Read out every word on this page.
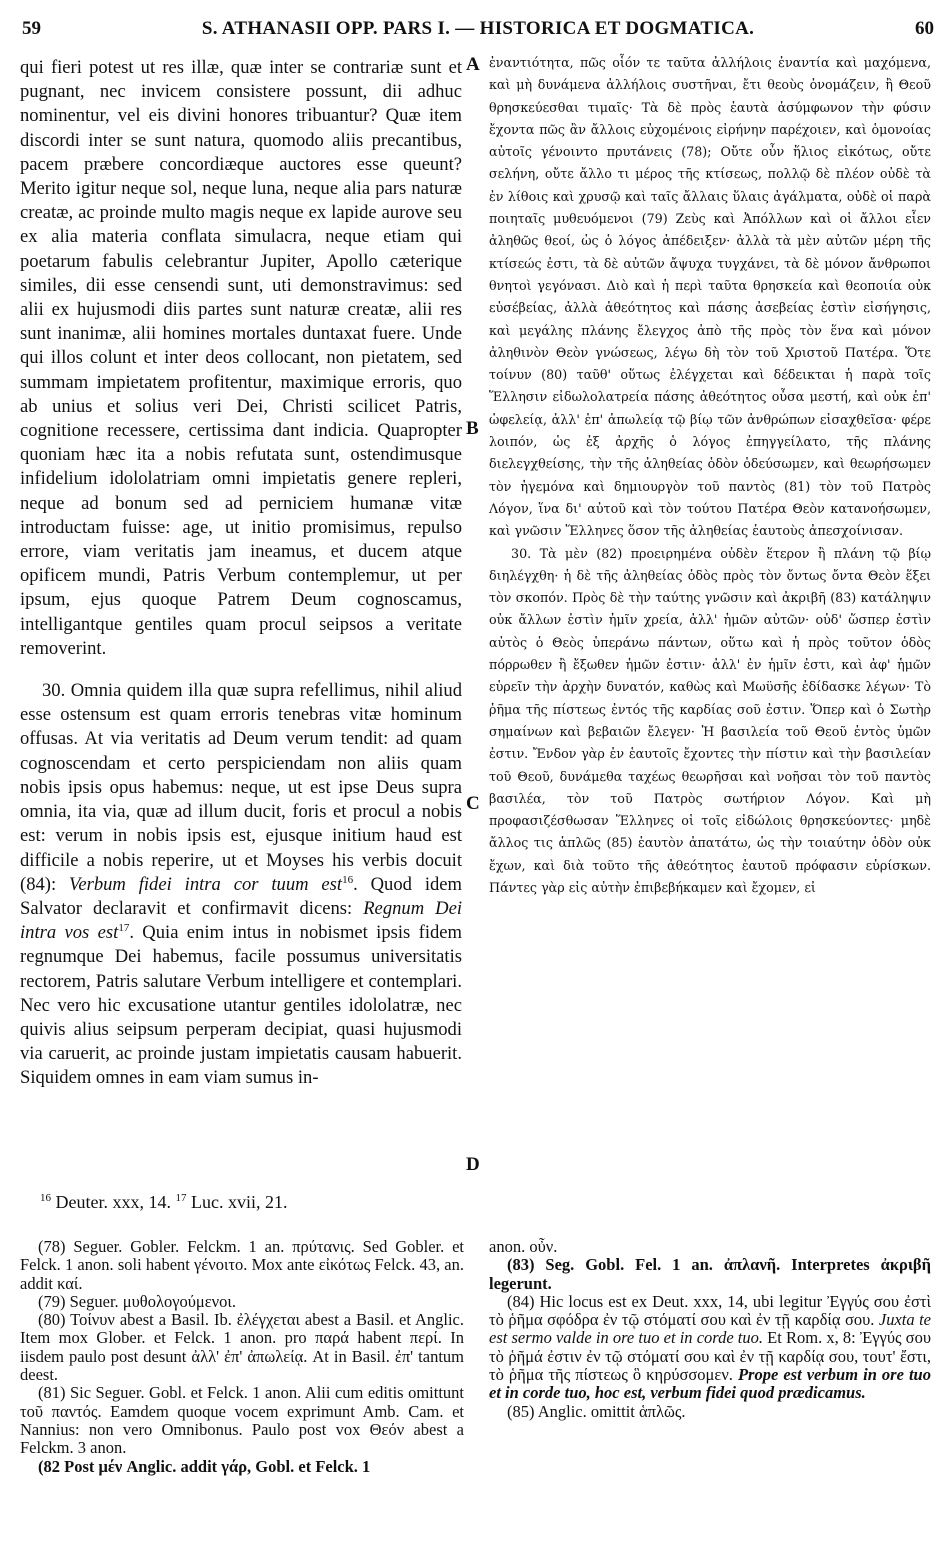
59	S. ATHANASII OPP. PARS I. — HISTORICA ET DOGMATICA.	60

qui fieri potest ut res illæ, quæ inter se contrariæ sunt et pugnant, nec invicem consistere possunt, dii adhuc nominentur, vel eis divini honores tribuantur? Quæ item discordi inter se sunt natura, quomodo aliis precantibus, pacem præbere concordiæque auctores esse queunt? Merito igitur neque sol, neque luna, neque alia pars naturæ creatæ, ac proinde multo magis neque ex lapide aurove seu ex alia materia conflata simulacra, neque etiam qui poetarum fabulis celebrantur Jupiter, Apollo cæterique similes, dii esse censendi sunt, uti demonstravimus: sed alii ex hujusmodi diis partes sunt naturæ creatæ, alii res sunt inanimæ, alii homines mortales duntaxat fuere. Unde qui illos colunt et inter deos collocant, non pietatem, sed summam impietatem profitentur, maximique erroris, quo ab unius et solius veri Dei, Christi scilicet Patris, cognitione recessere, certissima dant indicia. Quapropter quoniam hæc ita a nobis refutata sunt, ostendimusque infidelium idololatriam omni impietatis genere repleri, neque ad bonum sed ad perniciem humanæ vitæ introductam fuisse: age, ut initio promisimus, repulso errore, viam veritatis jam ineamus, et ducem atque opificem mundi, Patris Verbum contemplemur, ut per ipsum, ejus quoque Patrem Deum cognoscamus, intelligantque gentiles quam procul seipsos a veritate removerint.

30. Omnia quidem illa quæ supra refellimus, nihil aliud esse ostensum est quam erroris tenebras vitæ hominum offusas. At via veritatis ad Deum verum tendit: ad quam cognoscendam et certo perspiciendam non aliis quam nobis ipsis opus habemus: neque, ut est ipse Deus supra omnia, ita via, quæ ad illum ducit, foris et procul a nobis est: verum in nobis ipsis est, ejusque initium haud est difficile a nobis reperire, ut et Moyses his verbis docuit (84): Verbum fidei intra cor tuum est$^{16}$. Quod idem Salvator declaravit et confirmavit dicens: Regnum Dei intra vos est$^{17}$. Quia enim intus in nobismet ipsis fidem regnumque Dei habemus, facile possumus universitatis rectorem, Patris salutare Verbum intelligere et contemplari. Nec vero hic excusatione utantur gentiles idololatræ, nec quivis alius seipsum perperam decipiat, quasi hujusmodi via caruerit, ac proinde justam impietatis causam habuerit. Siquidem omnes in eam viam sumus in-

A
B
C
D

ἐναντιότητα, πῶς οἷόν τε ταῦτα ἀλλήλοις ἐναντία καὶ μαχόμενα, καὶ μὴ δυνάμενα ἀλλήλοις συστῆναι, ἔτι θεοὺς ὀνομάζειν, ἢ Θεοῦ θρησκεύεσθαι τιμαῖς· Τὰ δὲ πρὸς ἑαυτὰ ἀσύμφωνον τὴν φύσιν ἔχοντα πῶς ἂν ἄλλοις εὐχομένοις εἰρήνην παρέχοιεν, καὶ ὁμονοίας αὐτοῖς γένοιντο πρυτάνεις (78); Οὔτε οὖν ἥλιος εἰκότως, οὔτε σελήνη, οὔτε ἄλλο τι μέρος τῆς κτίσεως, πολλῷ δὲ πλέον οὐδὲ τὰ ἐν λίθοις καὶ χρυσῷ καὶ ταῖς ἄλλαις ὕλαις ἀγάλματα, οὐδὲ οἱ παρὰ ποιηταῖς μυθευόμενοι (79) Ζεὺς καὶ Ἀπόλλων καὶ οἱ ἄλλοι εἶεν ἀληθῶς θεοί, ὡς ὁ λόγος ἀπέδειξεν· ἀλλὰ τὰ μὲν αὐτῶν μέρη τῆς κτίσεώς ἐστι, τὰ δὲ αὐτῶν ἄψυχα τυγχάνει, τὰ δὲ μόνον ἄνθρωποι θνητοὶ γεγόνασι. Διὸ καὶ ἡ περὶ ταῦτα θρησκεία καὶ θεοποιία οὐκ εὐσέβείας, ἀλλὰ ἀθεότητος καὶ πάσης ἀσεβείας ἐστὶν εἰσήγησις, καὶ μεγάλης πλάνης ἔλεγχος ἀπὸ τῆς πρὸς τὸν ἕνα καὶ μόνον ἀληθινὸν Θεὸν γνώσεως, λέγω δὴ τὸν τοῦ Χριστοῦ Πατέρα. Ὅτε τοίνυν (80) ταῦθ' οὕτως ἐλέγχεται καὶ δέδεικται ἡ παρὰ τοῖς Ἕλλησιν εἰδωλολατρεία πάσης ἀθεότητος οὖσα μεστή, καὶ οὐκ ἐπ' ὠφελείᾳ, ἀλλ' ἐπ' ἀπωλείᾳ τῷ βίῳ τῶν ἀνθρώπων εἰσαχθεῖσα· φέρε λοιπόν, ὡς ἐξ ἀρχῆς ὁ λόγος ἐπηγγείλατο, τῆς πλάνης διελεγχθείσης, τὴν τῆς ἀληθείας ὁδὸν ὁδεύσωμεν, καὶ θεωρήσωμεν τὸν ἡγεμόνα καὶ δημιουργὸν τοῦ παντὸς (81) τὸν τοῦ Πατρὸς Λόγον, ἵνα δι' αὐτοῦ καὶ τὸν τούτου Πατέρα Θεὸν κατανοήσωμεν, καὶ γνῶσιν Ἕλληνες ὅσον τῆς ἀληθείας ἑαυτοὺς ἀπεσχοίνισαν.

30. Τὰ μὲν (82) προειρημένα οὐδὲν ἕτερον ἢ πλάνη τῷ βίῳ διηλέγχθη· ἡ δὲ τῆς ἀληθείας ὁδὸς πρὸς τὸν ὄντως ὄντα Θεὸν ἕξει τὸν σκοπόν. Πρὸς δὲ τὴν ταύτης γνῶσιν καὶ ἀκριβῆ (83) κατάληψιν οὐκ ἄλλων ἐστὶν ἡμῖν χρεία, ἀλλ' ἡμῶν αὐτῶν· οὐδ' ὥσπερ ἐστὶν αὐτὸς ὁ Θεὸς ὑπεράνω πάντων, οὕτω καὶ ἡ πρὸς τοῦτον ὁδὸς πόρρωθεν ἢ ἔξωθεν ἡμῶν ἐστιν· ἀλλ' ἐν ἡμῖν ἐστι, καὶ ἀφ' ἡμῶν εὑρεῖν τὴν ἀρχὴν δυνατόν, καθὼς καὶ Μωϋσῆς ἐδίδασκε λέγων· Τὸ ῥῆμα τῆς πίστεως ἐντός τῆς καρδίας σοῦ ἐστιν. Ὅπερ καὶ ὁ Σωτὴρ σημαίνων καὶ βεβαιῶν ἔλεγεν· Ἡ βασιλεία τοῦ Θεοῦ ἐντὸς ὑμῶν ἐστιν. Ἔνδον γὰρ ἐν ἑαυτοῖς ἔχοντες τὴν πίστιν καὶ τὴν βασιλείαν τοῦ Θεοῦ, δυνάμεθα ταχέως θεωρῆσαι καὶ νοῆσαι τὸν τοῦ παντὸς βασιλέα, τὸν τοῦ Πατρὸς σωτήριον Λόγον. Καὶ μὴ προφασιζέσθωσαν Ἕλληνες οἱ τοῖς εἰδώλοις θρησκεύοντες· μηδὲ ἄλλος τις ἁπλῶς (85) ἑαυτὸν ἀπατάτω, ὡς τὴν τοιαύτην ὁδὸν οὐκ ἔχων, καὶ διὰ τοῦτο τῆς ἀθεότητος ἑαυτοῦ πρόφασιν εὑρίσκων. Πάντες γὰρ εἰς αὐτὴν ἐπιβεβήκαμεν καὶ ἔχομεν, εἰ

$^{16}$ Deuter. xxx, 14. $^{17}$ Luc. xvii, 21.

(78) Seguer. Gobler. Felckm. 1 an. πρύτανις. Sed Gobler. et Felck. 1 anon. soli habent γένοιτο. Mox ante εἰκότως Felck. 43, an. addit καί.

(79) Seguer. μυθολογούμενοι.

(80) Τοίνυν abest a Basil. Ib. ἐλέγχεται abest a Basil. et Anglic. Item mox Glober. et Felck. 1 anon. pro παρά habent περί. In iisdem paulo post desunt ἀλλ' ἐπ' ἀπωλείᾳ. At in Basil. ἐπ' tantum deest.

(81) Sic Seguer. Gobl. et Felck. 1 anon. Alii cum editis omittunt τοῦ παντός. Eamdem quoque vocem exprimunt Amb. Cam. et Nannius: non vero Omnibonus. Paulo post voх Θεόν abest a Felckm. 3 anon.

(82 Post μέν Anglic. addit γάρ, Gobl. et Felck. 1

anon. οὖν.

(83) Seg. Gobl. Fel. 1 an. ἀπλανῆ. Interpretes ἀκριβῆ legerunt.

(84) Hic locus est ex Deut. xxx, 14, ubi legitur Ἐγγύς σου ἐστὶ τὸ ῥῆμα σφόδρα ἐν τῷ στόματί σου καὶ ἐν τῇ καρδίᾳ σου. Juxta te est sermo valde in ore tuo et in corde tuo. Et Rom. x, 8: Ἐγγύς σου τὸ ῥῆμά ἐστιν ἐν τῷ στόματί σου καὶ ἐν τῇ καρδίᾳ σου, τουτ' ἔστι, τὸ ῥῆμα τῆς πίστεως ὃ κηρύσσομεν. Prope est verbum in ore tuo et in corde tuo, hoc est, verbum fidei quod prædicamus.

(85) Anglic. omittit ἁπλῶς.
